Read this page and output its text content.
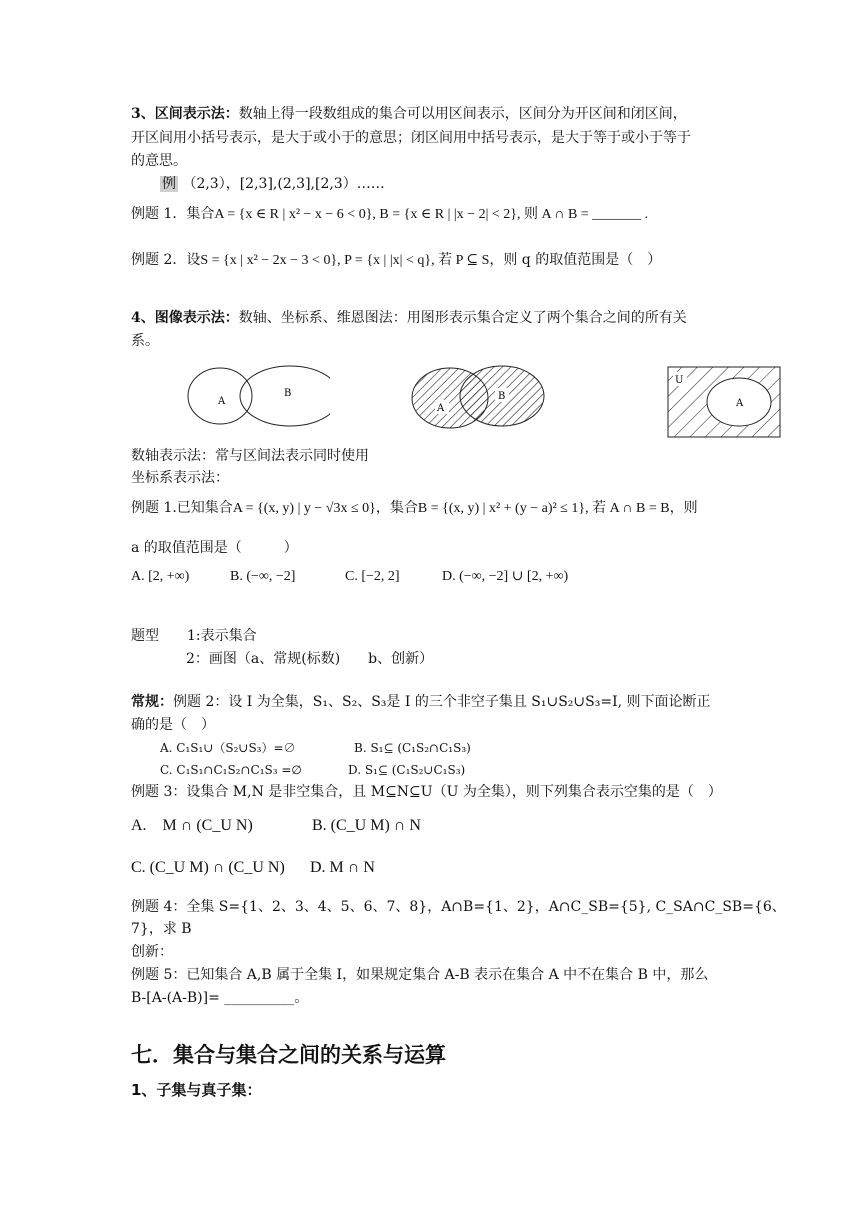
3、区间表示法：数轴上得一段数组成的集合可以用区间表示，区间分为开区间和闭区间，
开区间用小括号表示，是大于或小于的意思；闭区间用中括号表示，是大于等于或小于等于
的意思。
例 （2,3），[2,3],(2,3],[2,3）……
例题 1．集合A = {x ∈ R | x² − x − 6 < 0}, B = {x ∈ R | |x − 2| < 2}, 则 A ∩ B = _______ .
例题 2．设S = {x | x² − 2x − 3 < 0}, P = {x | |x| < q}, 若 P ⊆ S，则 q 的取值范围是（　）
4、图像表示法：数轴、坐标系、维恩图法：用图形表示集合定义了两个集合之间的所有关
系。
A
B
A
B
U
A
数轴表示法：常与区间法表示同时使用
坐标系表示法：
例题 1.已知集合A = {(x, y) | y − √3x ≤ 0}，集合B = {(x, y) | x² + (y − a)² ≤ 1}, 若 A ∩ B = B，则
a 的取值范围是（　　　）
A. [2, +∞)	B. (−∞, −2]	C. [−2, 2]	D. (−∞, −2] ∪ [2, +∞)
题型　　1:表示集合
2：画图（a、常规(标数)　　b、创新）
常规：例题 2：设 I 为全集，S₁、S₂、S₃是 I 的三个非空子集且 S₁∪S₂∪S₃=I, 则下面论断正
确的是（　）
A. C₁S₁∪（S₂∪S₃）=∅	B. S₁⊆ (C₁S₂∩C₁S₃)
C. C₁S₁∩C₁S₂∩C₁S₃ =∅	D. S₁⊆ (C₁S₂∪C₁S₃)
例题 3：设集合 M,N 是非空集合，且 M⊆N⊆U（U 为全集），则下列集合表示空集的是（　）
A.　M ∩ (C_U N)	B. (C_U M) ∩ N
C. (C_U M) ∩ (C_U N) D. M ∩ N
例题 4：全集 S={1、2、3、4、5、6、7、8}，A∩B={1、2}，A∩C_SB={5}, C_SA∩C_SB={6、
7}，求 B
创新：
例题 5：已知集合 A,B 属于全集 I，如果规定集合 A-B 表示在集合 A 中不在集合 B 中，那么
B-[A-(A-B)]= __________。
七．集合与集合之间的关系与运算
1、子集与真子集：
